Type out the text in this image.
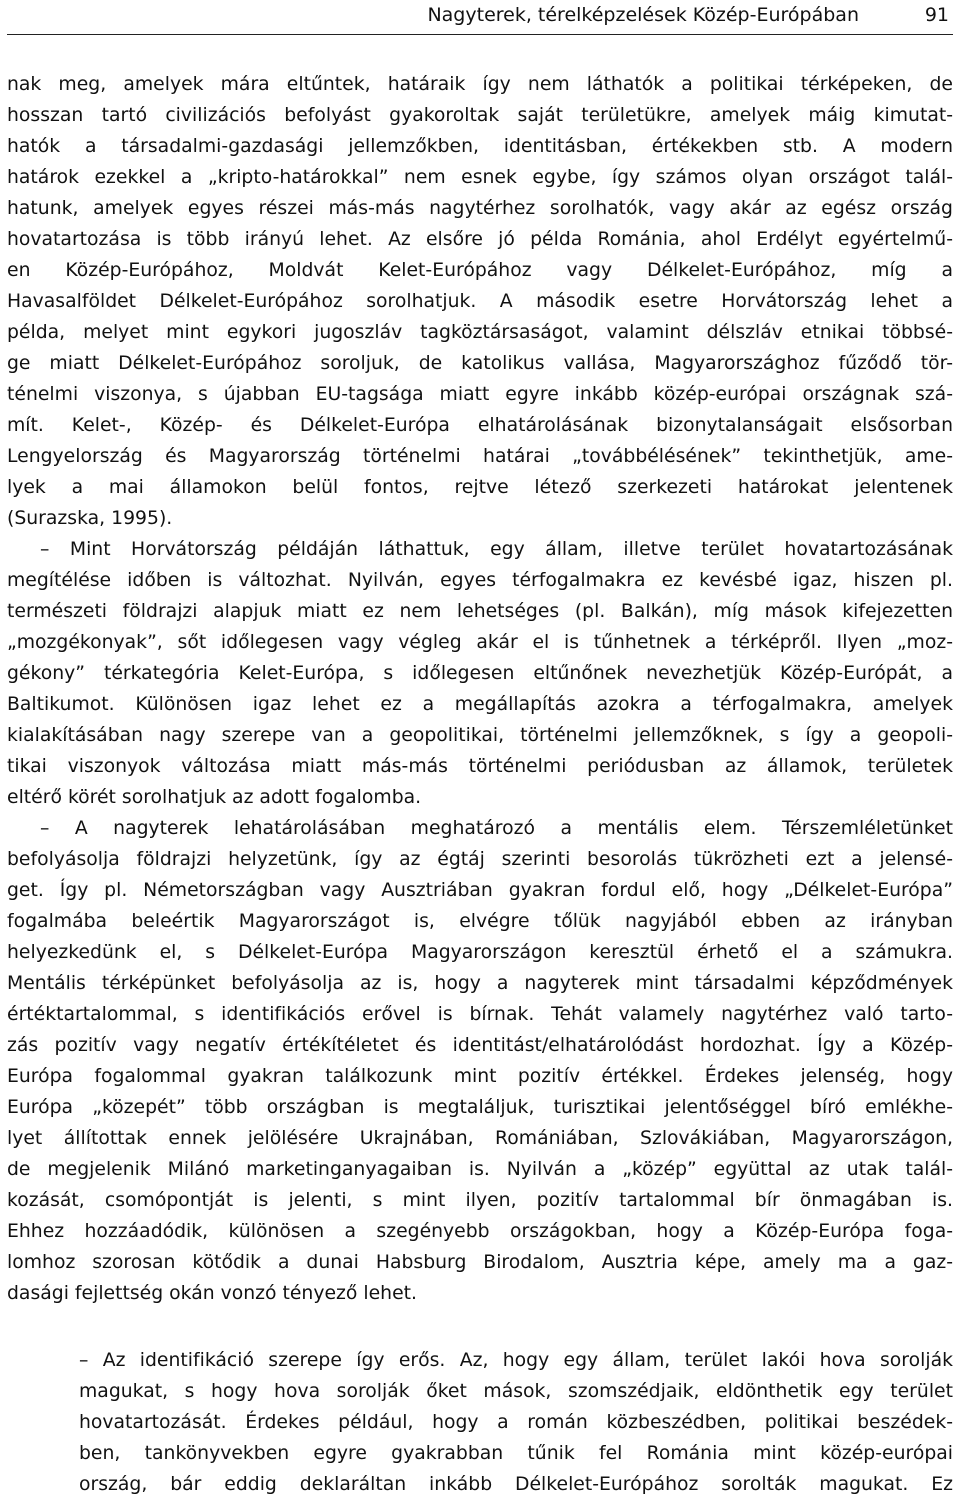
Nagyterek, térelképzelések Közép-Európában	91
nak meg, amelyek mára eltűntek, határaik így nem láthatók a politikai térképeken, de
hosszan tartó civilizációs befolyást gyakoroltak saját területükre, amelyek máig kimutat-
hatók a társadalmi-gazdasági jellemzőkben, identitásban, értékekben stb. A modern
határok ezekkel a „kripto-határokkal” nem esnek egybe, így számos olyan országot talál-
hatunk, amelyek egyes részei más-más nagytérhez sorolhatók, vagy akár az egész ország
hovatartozása is több irányú lehet. Az elsőre jó példa Románia, ahol Erdélyt egyértelmű-
en Közép-Európához, Moldvát Kelet-Európához vagy Délkelet-Európához, míg a
Havasalföldet Délkelet-Európához sorolhatjuk. A második esetre Horvátország lehet a
példa, melyet mint egykori jugoszláv tagköztársaságot, valamint délszláv etnikai többsé-
ge miatt Délkelet-Európához soroljuk, de katolikus vallása, Magyarországhoz fűződő tör-
ténelmi viszonya, s újabban EU-tagsága miatt egyre inkább közép-európai országnak szá-
mít. Kelet-, Közép- és Délkelet-Európa elhatárolásának bizonytalanságait elsősorban
Lengyelország és Magyarország történelmi határai „továbbélésének” tekinthetjük, ame-
lyek a mai államokon belül fontos, rejtve létező szerkezeti határokat jelentenek
(Surazska, 1995).
– Mint Horvátország példáján láthattuk, egy állam, illetve terület hovatartozásának
megítélése időben is változhat. Nyilván, egyes térfogalmakra ez kevésbé igaz, hiszen pl.
természeti földrajzi alapjuk miatt ez nem lehetséges (pl. Balkán), míg mások kifejezetten
„mozgékonyak”, sőt időlegesen vagy végleg akár el is tűnhetnek a térképről. Ilyen „moz-
gékony” térkategória Kelet-Európa, s időlegesen eltűnőnek nevezhetjük Közép-Európát, a
Baltikumot. Különösen igaz lehet ez a megállapítás azokra a térfogalmakra, amelyek
kialakításában nagy szerepe van a geopolitikai, történelmi jellemzőknek, s így a geopoli-
tikai viszonyok változása miatt más-más történelmi periódusban az államok, területek
eltérő körét sorolhatjuk az adott fogalomba.
– A nagyterek lehatárolásában meghatározó a mentális elem. Térszemléletünket
befolyásolja földrajzi helyzetünk, így az égtáj szerinti besorolás tükrözheti ezt a jelensé-
get. Így pl. Németországban vagy Ausztriában gyakran fordul elő, hogy „Délkelet-Európa”
fogalmába beleértik Magyarországot is, elvégre tőlük nagyjából ebben az irányban
helyezkedünk el, s Délkelet-Európa Magyarországon keresztül érhető el a számukra.
Mentális térképünket befolyásolja az is, hogy a nagyterek mint társadalmi képződmények
értéktartalommal, s identifikációs erővel is bírnak. Tehát valamely nagytérhez való tarto-
zás pozitív vagy negatív értékítéletet és identitást/elhatárolódást hordozhat. Így a Közép-
Európa fogalommal gyakran találkozunk mint pozitív értékkel. Érdekes jelenség, hogy
Európa „közepét” több országban is megtaláljuk, turisztikai jelentőséggel bíró emlékhe-
lyet állítottak ennek jelölésére Ukrajnában, Romániában, Szlovákiában, Magyarországon,
de megjelenik Milánó marketinganyagaiban is. Nyilván a „közép” együttal az utak talál-
kozását, csomópontját is jelenti, s mint ilyen, pozitív tartalommal bír önmagában is.
Ehhez hozzáadódik, különösen a szegényebb országokban, hogy a Közép-Európa foga-
lomhoz szorosan kötődik a dunai Habsburg Birodalom, Ausztria képe, amely ma a gaz-
dasági fejlettség okán vonzó tényező lehet.
– Az identifikáció szerepe így erős. Az, hogy egy állam, terület lakói hova sorolják
magukat, s hogy hova sorolják őket mások, szomszédjaik, eldönthetik egy terület
hovatartozását. Érdekes például, hogy a román közbeszédben, politikai beszédek-
ben, tankönyvekben egyre gyakrabban tűnik fel Románia mint közép-európai
ország, bár eddig deklaráltan inkább Délkelet-Európához sorolták magukat. Ez
